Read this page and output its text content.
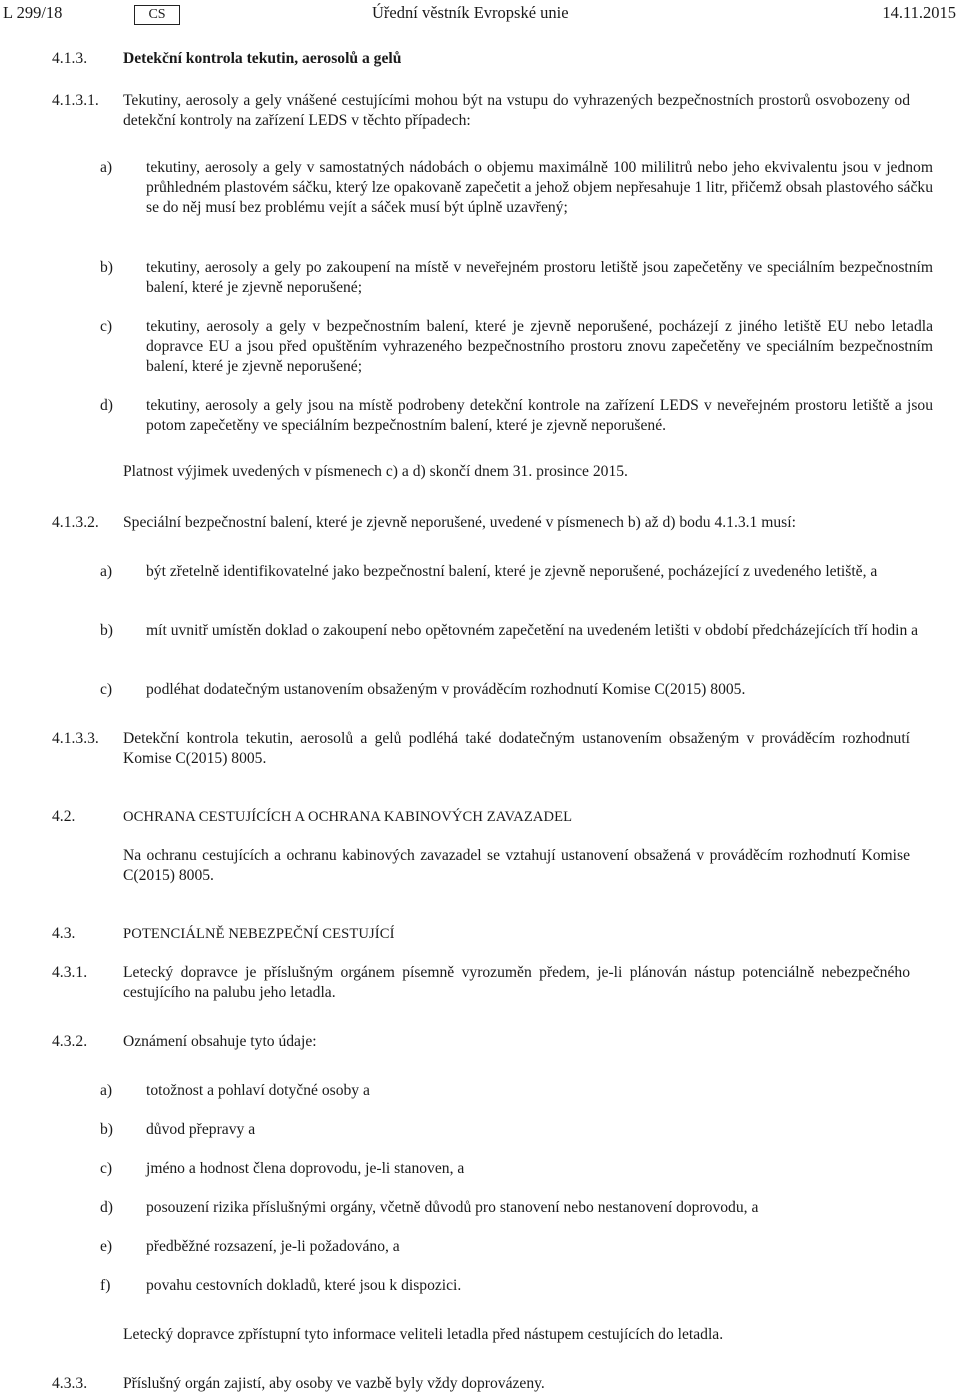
L 299/18	CS	Úřední věstník Evropské unie	14.11.2015
4.1.3. Detekční kontrola tekutin, aerosolů a gelů
4.1.3.1. Tekutiny, aerosoly a gely vnášené cestujícími mohou být na vstupu do vyhrazených bezpečnostních prostorů osvobozeny od detekční kontroly na zařízení LEDS v těchto případech:
a) tekutiny, aerosoly a gely v samostatných nádobách o objemu maximálně 100 mililitrů nebo jeho ekvivalentu jsou v jednom průhledném plastovém sáčku, který lze opakovaně zapečetit a jehož objem nepřesahuje 1 litr, přičemž obsah plastového sáčku se do něj musí bez problému vejít a sáček musí být úplně uzavřený;
b) tekutiny, aerosoly a gely po zakoupení na místě v neveřejném prostoru letiště jsou zapečetěny ve speciálním bezpečnostním balení, které je zjevně neporušené;
c) tekutiny, aerosoly a gely v bezpečnostním balení, které je zjevně neporušené, pocházejí z jiného letiště EU nebo letadla dopravce EU a jsou před opuštěním vyhrazeného bezpečnostního prostoru znovu zapečetěny ve speciálním bezpečnostním balení, které je zjevně neporušené;
d) tekutiny, aerosoly a gely jsou na místě podrobeny detekční kontrole na zařízení LEDS v neveřejném prostoru letiště a jsou potom zapečetěny ve speciálním bezpečnostním balení, které je zjevně neporušené.
Platnost výjimek uvedených v písmenech c) a d) skončí dnem 31. prosince 2015.
4.1.3.2. Speciální bezpečnostní balení, které je zjevně neporušené, uvedené v písmenech b) až d) bodu 4.1.3.1 musí:
a) být zřetelně identifikovatelné jako bezpečnostní balení, které je zjevně neporušené, pocházející z uvedeného letiště, a
b) mít uvnitř umístěn doklad o zakoupení nebo opětovném zapečetění na uvedeném letišti v období předcházejících tří hodin a
c) podléhat dodatečným ustanovením obsaženým v prováděcím rozhodnutí Komise C(2015) 8005.
4.1.3.3. Detekční kontrola tekutin, aerosolů a gelů podléhá také dodatečným ustanovením obsaženým v prováděcím rozhodnutí Komise C(2015) 8005.
4.2.	OCHRANA CESTUJÍCÍCH A OCHRANA KABINOVÝCH ZAVAZADEL
Na ochranu cestujících a ochranu kabinových zavazadel se vztahují ustanovení obsažená v prováděcím rozhodnutí Komise C(2015) 8005.
4.3.	POTENCIÁLNĚ NEBEZPEČNÍ CESTUJÍCÍ
4.3.1. Letecký dopravce je příslušným orgánem písemně vyrozuměn předem, je-li plánován nástup potenciálně nebezpečného cestujícího na palubu jeho letadla.
4.3.2. Oznámení obsahuje tyto údaje:
a) totožnost a pohlaví dotyčné osoby a
b) důvod přepravy a
c) jméno a hodnost člena doprovodu, je-li stanoven, a
d) posouzení rizika příslušnými orgány, včetně důvodů pro stanovení nebo nestanovení doprovodu, a
e) předběžné rozsazení, je-li požadováno, a
f) povahu cestovních dokladů, které jsou k dispozici.
Letecký dopravce zpřístupní tyto informace veliteli letadla před nástupem cestujících do letadla.
4.3.3. Příslušný orgán zajistí, aby osoby ve vazbě byly vždy doprovázeny.
